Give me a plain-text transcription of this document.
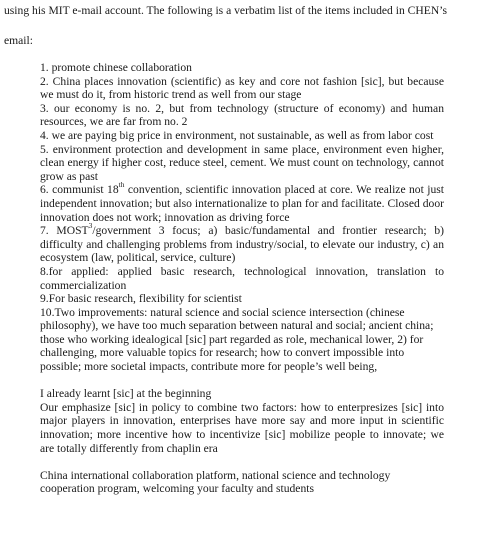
using his MIT e-mail account. The following is a verbatim list of the items included in CHEN’s
email:

1. promote chinese collaboration

2. China places innovation (scientific) as key and core not fashion [sic], but because we must do it, from historic trend as well from our stage

3. our economy is no. 2, but from technology (structure of economy) and human resources, we are far from no. 2

4. we are paying big price in environment, not sustainable, as well as from labor cost

5. environment protection and development in same place, environment even higher, clean energy if higher cost, reduce steel, cement. We must count on technology, cannot grow as past

6. communist 18th convention, scientific innovation placed at core. We realize not just independent innovation; but also internationalize to plan for and facilitate. Closed door innovation does not work; innovation as driving force

7. MOST$^3$/government 3 focus; a) basic/fundamental and frontier research; b) difficulty and challenging problems from industry/social, to elevate our industry, c) an ecosystem (law, political, service, culture)

8.for applied: applied basic research, technological innovation, translation to commercialization

9.For basic research, flexibility for scientist

10.Two improvements: natural science and social science intersection (chinese philosophy), we have too much separation between natural and social; ancient china; those who working idealogical [sic] part regarded as role, mechanical lower, 2) for challenging, more valuable topics for research; how to convert impossible into possible; more societal impacts, contribute more for people’s well being,

I already learnt [sic] at the beginning

Our emphasize [sic] in policy to combine two factors: how to enterpresizes [sic] into major players in innovation, enterprises have more say and more input in scientific innovation; more incentive how to incentivize [sic] mobilize people to innovate; we are totally differently from chaplin era

China international collaboration platform, national science and technology cooperation program, welcoming your faculty and students
